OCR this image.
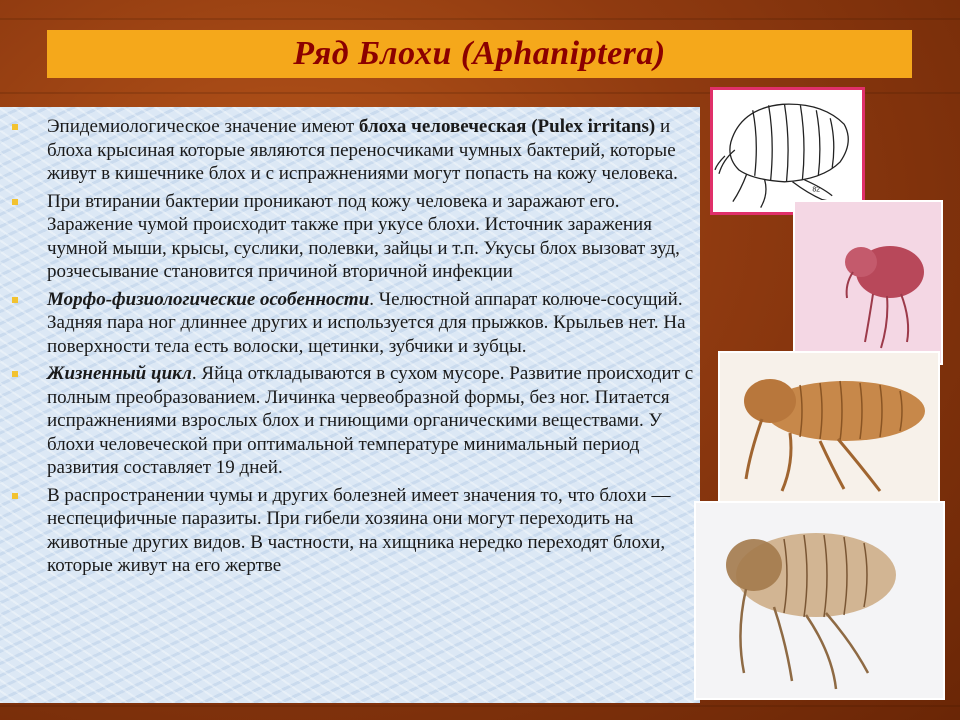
Ряд Блохи (Aphaniptera)
Эпидемиологическое значение имеют блоха человеческая (Pulex irritans) и блоха крысиная которые являются переносчиками чумных бактерий, которые живут в кишечнике блох и с испражнениями могут попасть на кожу человека.
При втирании бактерии проникают под кожу человека и заражают его. Заражение чумой происходит также при укусе блохи. Источник заражения чумной мыши, крысы, суслики, полевки, зайцы и т.п. Укусы блох вызоват зуд, розчесывание становится причиной вторичной инфекции
Морфо-физиологические особенности. Челюстной аппарат колюче-сосущий. Задняя пара ног длиннее других и используется для прыжков. Крыльев нет. На поверхности тела есть волоски, щетинки, зубчики и зубцы.
Жизненный цикл. Яйца откладываются в сухом мусоре. Развитие происходит с полным преобразованием. Личинка червеобразной формы, без ног. Питается испражнениями взрослых блох и гниющими органическими веществами. У блохи человеческой при оптимальной температуре минимальный период развития составляет 19 дней.
В распространении чумы и других болезней имеет значения то, что блохи — неспецифичные паразиты. При гибели хозяина они могут переходить на животные других видов. В частности, на хищника нередко переходят блохи, которые живут на его жертве
82
